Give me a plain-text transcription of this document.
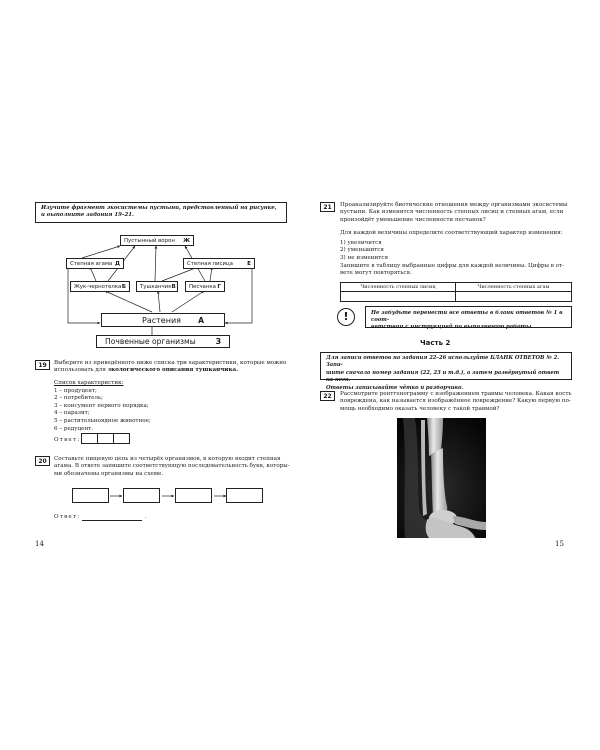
Изучите фрагмент экосистемы пустыни, представленный на рисунке, и выполните задания 19–21.
Пустынный ворон Ж
Степная агама Д	Степная лисица	Е
Жук-чернотелка Б	Тушканчик В Песчанка Г
Растения А
Почвенные организмы	З
19	Выберите из приведённого ниже списка три характеристики, которые можно
использовать для экологического описания тушканчика.
Список характеристик:
1 – продуцент;
2 – потребитель;
3 – консумент первого порядка;
4 – паразит;
5 – растительноядное животное;
6 – редуцент.
Ответ:
20	Составьте пищевую цепь из четырёх организмов, в которую входит степная
агама. В ответе запишите соответствующую последовательность букв, которы-
ми обозначены организмы на схеме.
Ответ:	.
14
21	Проанализируйте биотические отношения между организмами экосистемы
пустыни. Как изменится численность степных лисиц и степных агам, если
произойдёт уменьшение численности песчанок?
Для каждой величины определите соответствующий характер изменения:
1) увеличится
2) уменьшится
3) не изменится
Запишите в таблицу выбранные цифры для каждой величины. Цифры в от-
вете могут повторяться.
Численность степных лисиц	Численность степных агам
!	Не забудьте перенести все ответы в бланк ответов № 1 в соот-
ветствии с инструкцией по выполнению работы.
Часть 2
Для записи ответов на задания 22–26 используйте БЛАНК ОТВЕТОВ № 2. Запи-
шите сначала номер задания (22, 23 и т.д.), а затем развёрнутый ответ на него.
Ответы записывайте чётко и разборчиво.
22	Рассмотрите рентгенограмму с изображением травмы человека. Какая кость
повреждена, как называется изображённое повреждение? Какую первую по-
мощь необходимо оказать человеку с такой травмой?
15
